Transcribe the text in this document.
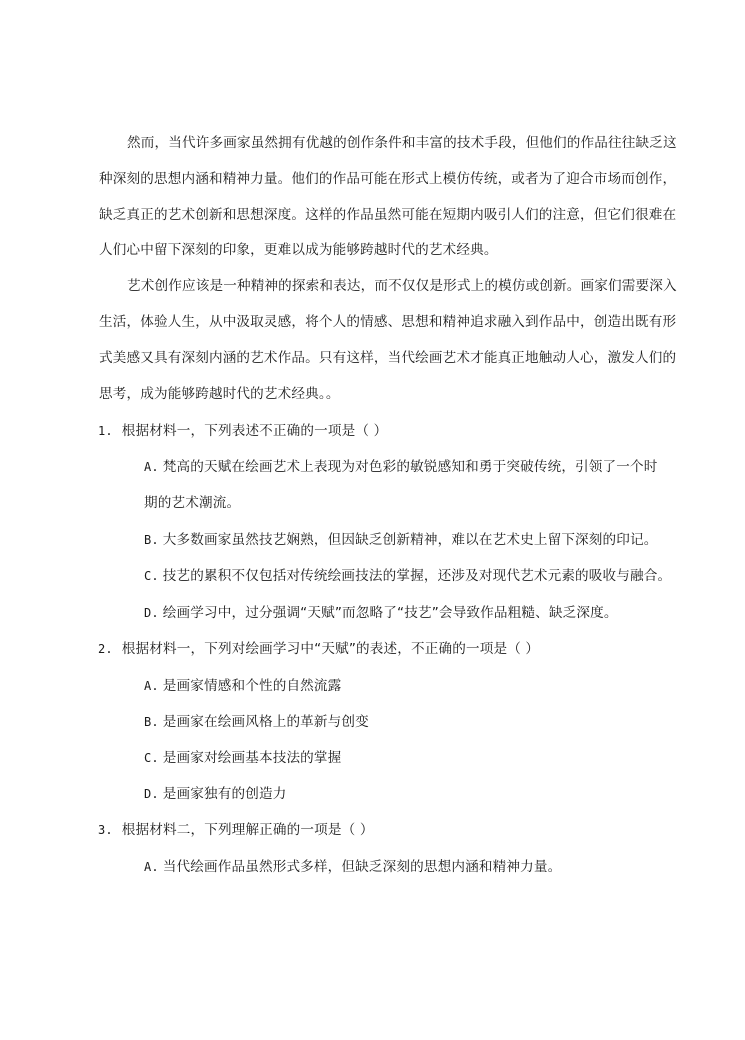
然而，当代许多画家虽然拥有优越的创作条件和丰富的技术手段，但他们的作品往往缺乏这
种深刻的思想内涵和精神力量。他们的作品可能在形式上模仿传统，或者为了迎合市场而创作，
缺乏真正的艺术创新和思想深度。这样的作品虽然可能在短期内吸引人们的注意，但它们很难在
人们心中留下深刻的印象，更难以成为能够跨越时代的艺术经典。
艺术创作应该是一种精神的探索和表达，而不仅仅是形式上的模仿或创新。画家们需要深入
生活，体验人生，从中汲取灵感，将个人的情感、思想和精神追求融入到作品中，创造出既有形
式美感又具有深刻内涵的艺术作品。只有这样，当代绘画艺术才能真正地触动人心，激发人们的
思考，成为能够跨越时代的艺术经典。。
1. 根据材料一，下列表述不正确的一项是（ ）
A. 梵高的天赋在绘画艺术上表现为对色彩的敏锐感知和勇于突破传统，引领了一个时
期的艺术潮流。
B. 大多数画家虽然技艺娴熟，但因缺乏创新精神，难以在艺术史上留下深刻的印记。
C. 技艺的累积不仅包括对传统绘画技法的掌握，还涉及对现代艺术元素的吸收与融合。
D. 绘画学习中，过分强调“天赋”而忽略了“技艺”会导致作品粗糙、缺乏深度。
2. 根据材料一，下列对绘画学习中“天赋”的表述，不正确的一项是（ ）
A. 是画家情感和个性的自然流露
B. 是画家在绘画风格上的革新与创变
C. 是画家对绘画基本技法的掌握
D. 是画家独有的创造力
3. 根据材料二，下列理解正确的一项是（ ）
A. 当代绘画作品虽然形式多样，但缺乏深刻的思想内涵和精神力量。
